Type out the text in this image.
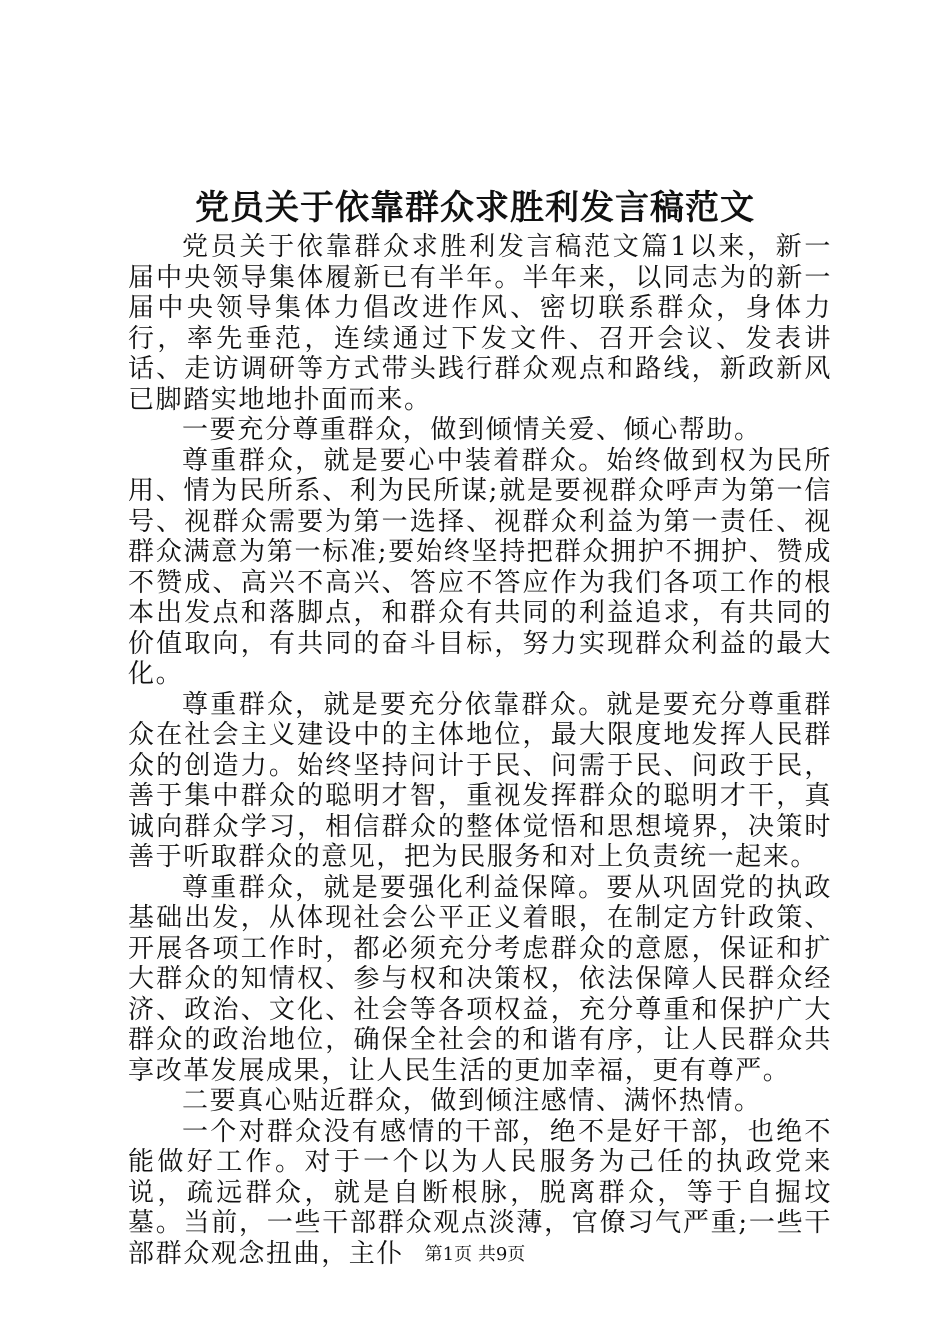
党员关于依靠群众求胜利发言稿范文

党员关于依靠群众求胜利发言稿范文篇1以来，新一届中央领导集体履新已有半年。半年来，以同志为的新一届中央领导集体力倡改进作风、密切联系群众，身体力行，率先垂范，连续通过下发文件、召开会议、发表讲话、走访调研等方式带头践行群众观点和路线，新政新风已脚踏实地地扑面而来。

一要充分尊重群众，做到倾情关爱、倾心帮助。

尊重群众，就是要心中装着群众。始终做到权为民所用、情为民所系、利为民所谋;就是要视群众呼声为第一信号、视群众需要为第一选择、视群众利益为第一责任、视群众满意为第一标准;要始终坚持把群众拥护不拥护、赞成不赞成、高兴不高兴、答应不答应作为我们各项工作的根本出发点和落脚点，和群众有共同的利益追求，有共同的价值取向，有共同的奋斗目标，努力实现群众利益的最大化。

尊重群众，就是要充分依靠群众。就是要充分尊重群众在社会主义建设中的主体地位，最大限度地发挥人民群众的创造力。始终坚持问计于民、问需于民、问政于民，善于集中群众的聪明才智，重视发挥群众的聪明才干，真诚向群众学习，相信群众的整体觉悟和思想境界，决策时善于听取群众的意见，把为民服务和对上负责统一起来。

尊重群众，就是要强化利益保障。要从巩固党的执政基础出发，从体现社会公平正义着眼，在制定方针政策、开展各项工作时，都必须充分考虑群众的意愿，保证和扩大群众的知情权、参与权和决策权，依法保障人民群众经济、政治、文化、社会等各项权益，充分尊重和保护广大群众的政治地位，确保全社会的和谐有序，让人民群众共享改革发展成果，让人民生活的更加幸福，更有尊严。

二要真心贴近群众，做到倾注感情、满怀热情。

一个对群众没有感情的干部，绝不是好干部，也绝不能做好工作。对于一个以为人民服务为己任的执政党来说，疏远群众，就是自断根脉，脱离群众，等于自掘坟墓。当前，一些干部群众观点淡薄，官僚习气严重;一些干部群众观念扭曲，主仆	第1页 共9页
